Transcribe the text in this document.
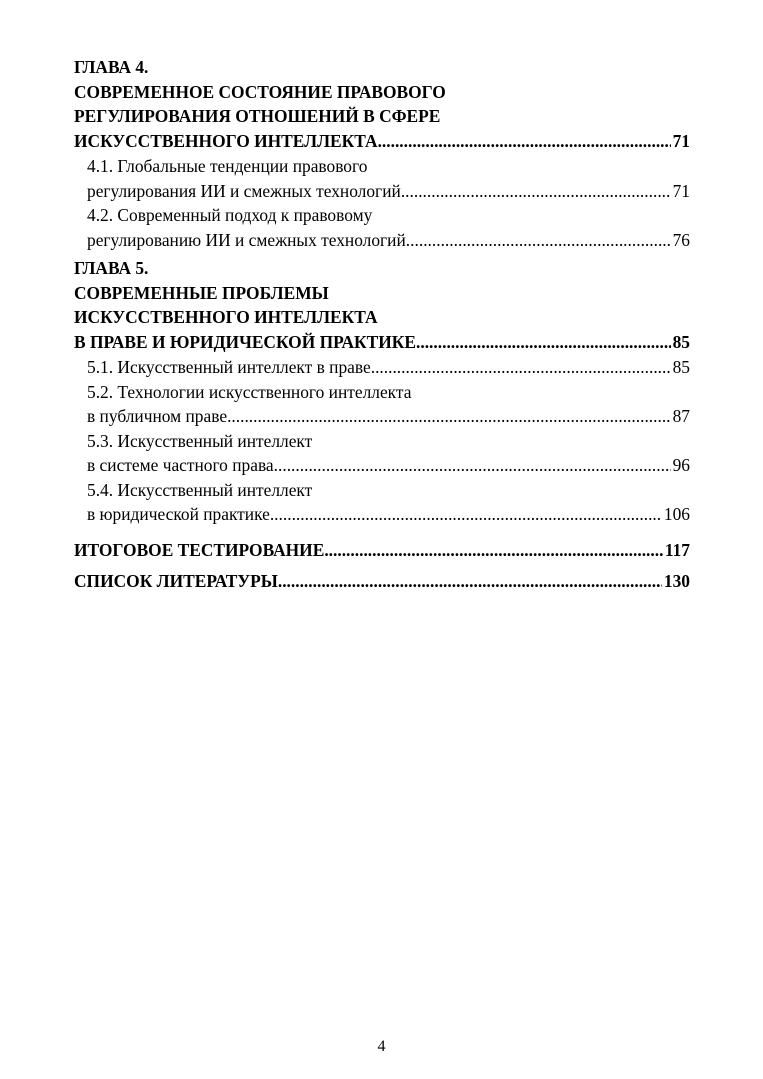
ГЛАВА 4.
СОВРЕМЕННОЕ СОСТОЯНИЕ ПРАВОВОГО
РЕГУЛИРОВАНИЯ ОТНОШЕНИЙ В СФЕРЕ
ИСКУССТВЕННОГО ИНТЕЛЛЕКТА .....	71
4.1. Глобальные тенденции правового
регулирования ИИ и смежных технологий .....	71
4.2. Современный подход к правовому
регулированию ИИ и смежных технологий .....	76
ГЛАВА 5.
СОВРЕМЕННЫЕ ПРОБЛЕМЫ
ИСКУССТВЕННОГО ИНТЕЛЛЕКТА
В ПРАВЕ И ЮРИДИЧЕСКОЙ ПРАКТИКЕ .....	85
5.1. Искусственный интеллект в праве .....	85
5.2. Технологии искусственного интеллекта
в публичном праве .....	87
5.3. Искусственный интеллект
в системе частного права .....	96
5.4. Искусственный интеллект
в юридической практике .....	106
ИТОГОВОЕ ТЕСТИРОВАНИЕ .....	117
СПИСОК ЛИТЕРАТУРЫ .....	130
4
